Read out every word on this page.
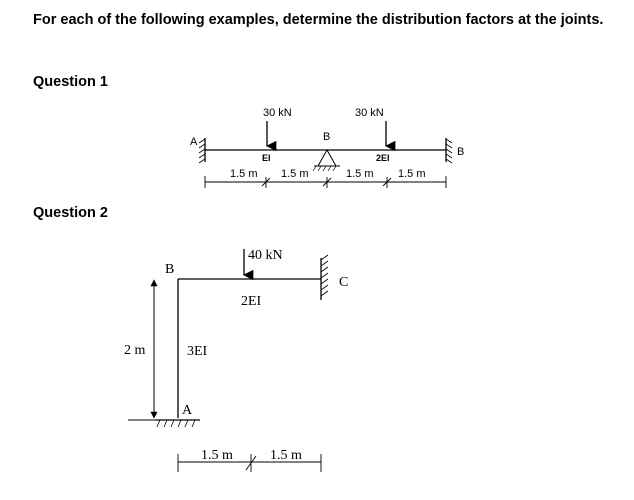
For each of the following examples, determine the distribution factors at the joints.
Question 1
Question 2
A
B
B
30 kN	30 kN
EI	2EI
1.5 m 1.5 m	1.5 m 1.5 m
B
C
A
40 kN
2EI
3EI
2 m
1.5 m	1.5 m
